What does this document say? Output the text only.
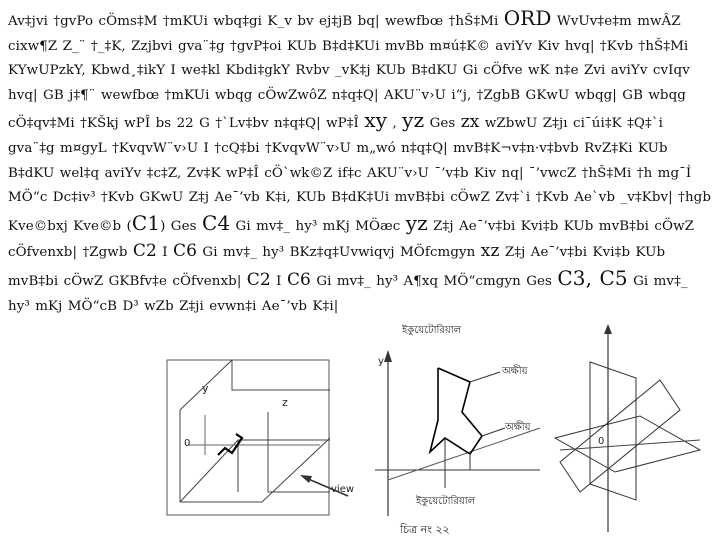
Av‡jvi †gvPo cÖms‡M †mKUi wbq‡gi K_v bv ej‡jB bq| wewfbœ †hŠ‡Mi ORD WvUv‡e‡m mwÂZ cixw¶Z Z_¨ †_‡K, Zzjbvi gva¨‡g †gvP‡oi KUb B‡d‡KUi mvBb m¤ú‡K© aviYv Kiv hvq| †Kvb †hŠ‡Mi KYwUPzkY, Kbwd¸‡ikY I we‡kl Kbdi‡gkY Rvbv _vK‡j KUb B‡dKU Gi cÖfve wK n‡e Zvi aviYv cvIqv hvq| GB j‡¶¨ wewfbœ †mKUi wbqg cÖwZwôZ n‡q‡Q| AKU¨v›U i“j, †ZgbB GKwU wbqg| GB wbqg cÖ‡qv‡Mi †KŠkj wPÎ bs 22 G †`Lv‡bv n‡q‡Q| wP‡Î xy , yz Ges zx wZbwU Z‡jı ci¯úi‡K ‡Q‡`i gva¨‡g m¤gyL †KvqvW¨v›U I †cQ‡bi †KvqvW¨v›U m„wó n‡q‡Q| mvB‡K¬v‡n·v‡bvb RvZ‡Ki KUb B‡dKU wel‡q aviYv ‡c‡Z, Zv‡K wP‡Î cÖ`wk©Z if‡c AKU¨v›U ¯’v‡b Kiv nq| ¯’vwcZ †hŠ‡Mi †h mg¯Í MÖ“c Dc‡iv³ †Kvb GKwU Z‡j Ae¯’vb K‡i, KUb B‡dK‡Ui mvB‡bi cÖwZ Zv‡`i †Kvb Ae`vb _v‡Kbv| †hgb Kve©bxj Kve©b (C1) Ges C4 Gi mv‡_ hy³ mKj MÖæc yz Z‡j Ae¯’v‡bi Kvi‡b KUb mvB‡bi cÖwZ cÖfvenxb| †Zgwb C2 I C6 Gi mv‡_ hy³ BKz‡q‡Uvwiqvj MÖfcmgyn xz Z‡j Ae¯’v‡bi Kvi‡b KUb mvB‡bi cÖwZ GKBfv‡e cÖfvenxb| C2 I C6 Gi mv‡_ hy³ A¶xq MÖ“cmgyn Ges C3, C5 Gi mv‡_ hy³ mKj MÖ“cB D³ wZb Z‡ji evwn‡i Ae¯’vb K‡i|

y
z
0
view
y
ইকুয়েটোরিয়াল
অক্ষীয়
অক্ষীয়
ইকুয়েটোরিয়াল
চিত্র নং ২২
0
